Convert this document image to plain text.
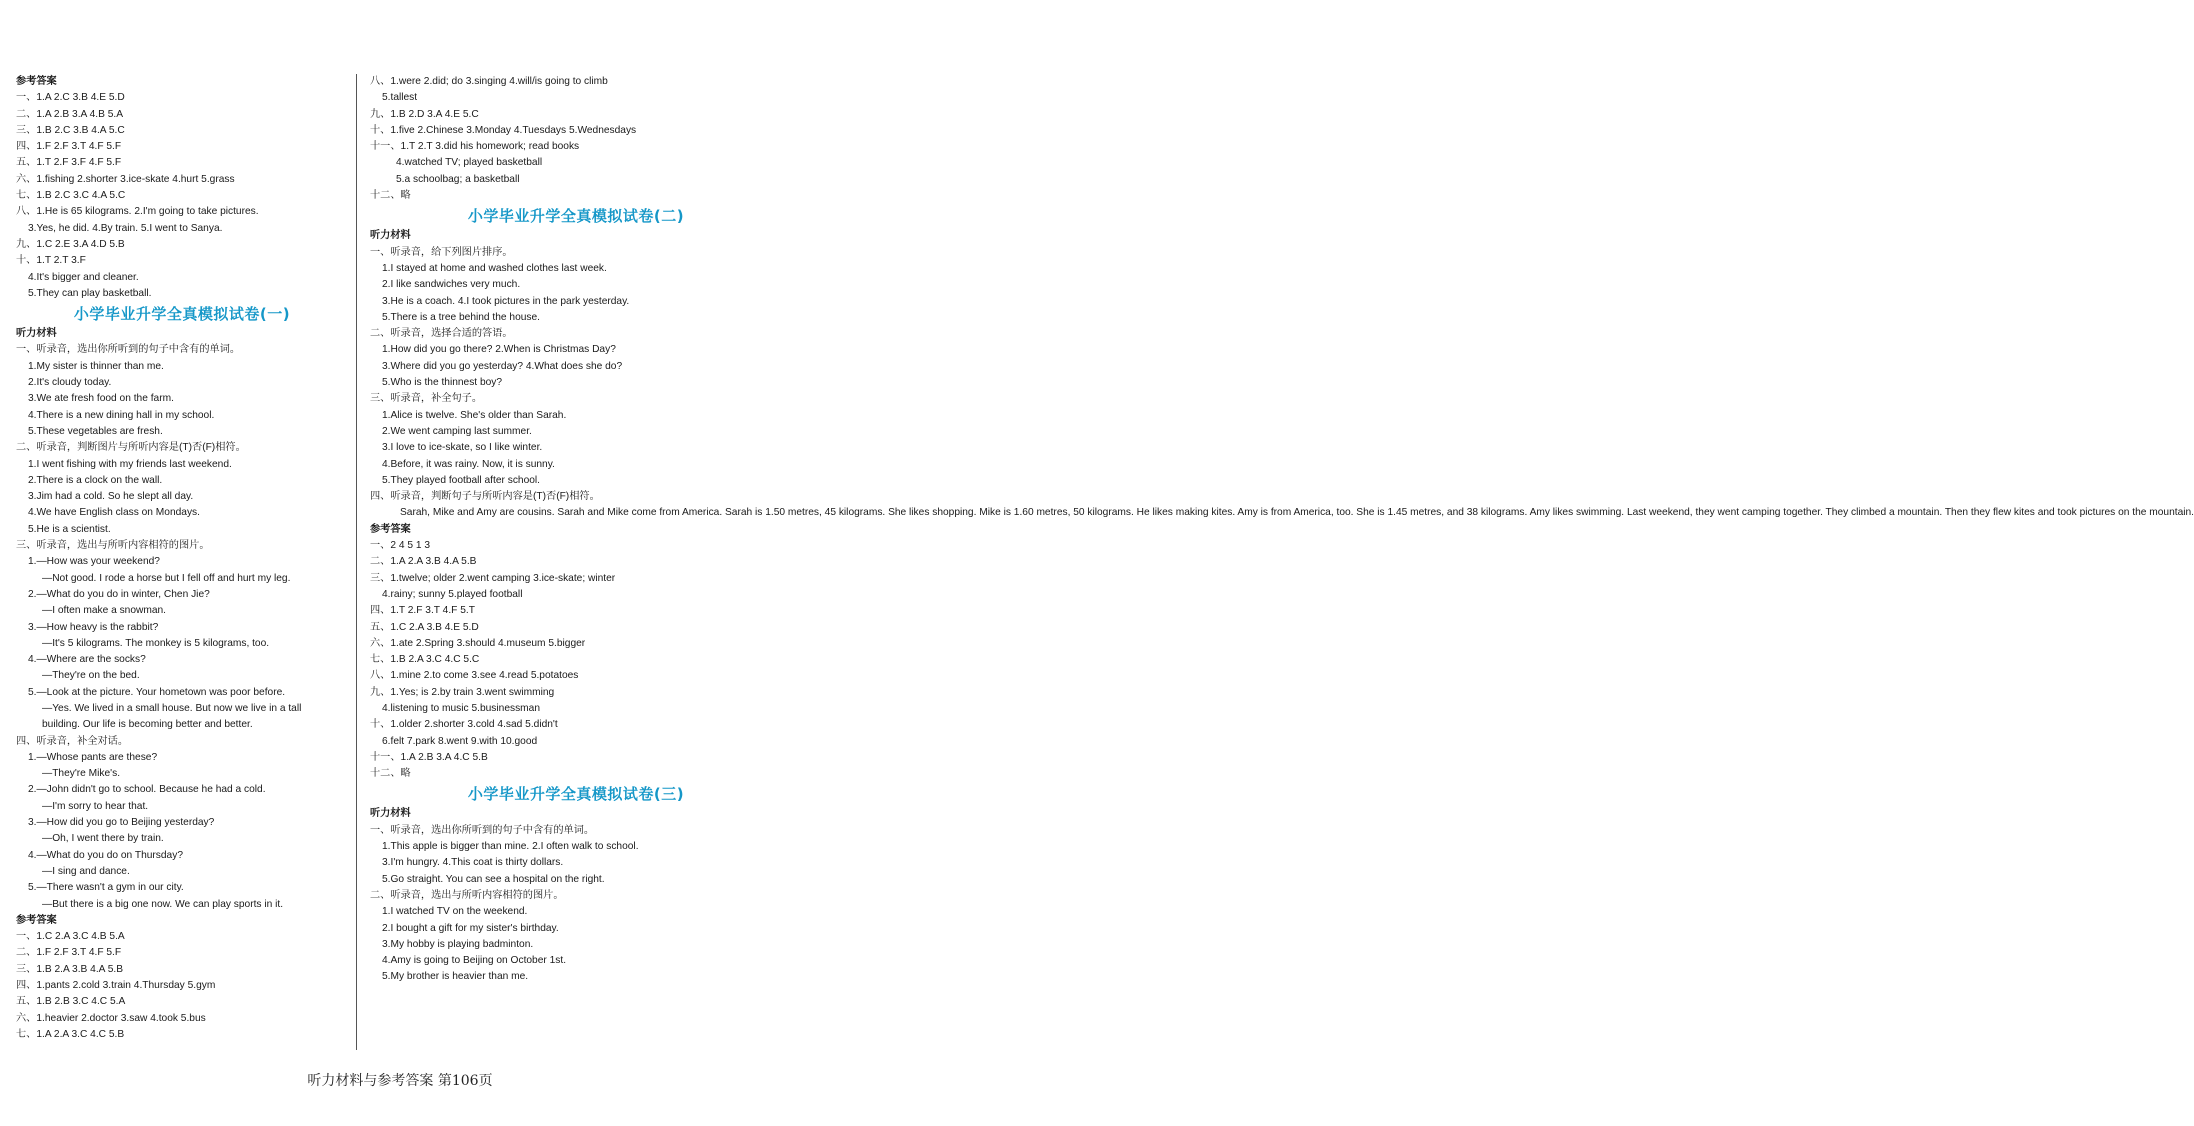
参考答案
一、1.A 2.C 3.B 4.E 5.D
二、1.A 2.B 3.A 4.B 5.A
三、1.B 2.C 3.B 4.A 5.C
四、1.F 2.F 3.T 4.F 5.F
五、1.T 2.F 3.F 4.F 5.F
六、1.fishing 2.shorter 3.ice-skate 4.hurt 5.grass
七、1.B 2.C 3.C 4.A 5.C
八、1.He is 65 kilograms. 2.I'm going to take pictures.
3.Yes, he did. 4.By train. 5.I went to Sanya.
九、1.C 2.E 3.A 4.D 5.B
十、1.T 2.T 3.F
4.It's bigger and cleaner.
5.They can play basketball.
小学毕业升学全真模拟试卷(一)
听力材料
一、听录音，选出你所听到的句子中含有的单词。
1.My sister is thinner than me.
2.It's cloudy today.
3.We ate fresh food on the farm.
4.There is a new dining hall in my school.
5.These vegetables are fresh.
二、听录音，判断图片与所听内容是(T)否(F)相符。
1.I went fishing with my friends last weekend.
2.There is a clock on the wall.
3.Jim had a cold. So he slept all day.
4.We have English class on Mondays.
5.He is a scientist.
三、听录音，选出与所听内容相符的图片。
1.—How was your weekend?
—Not good. I rode a horse but I fell off and hurt my leg.
2.—What do you do in winter, Chen Jie?
—I often make a snowman.
3.—How heavy is the rabbit?
—It's 5 kilograms. The monkey is 5 kilograms, too.
4.—Where are the socks?
—They're on the bed.
5.—Look at the picture. Your hometown was poor before.
—Yes. We lived in a small house. But now we live in a tall
building. Our life is becoming better and better.
四、听录音，补全对话。
1.—Whose pants are these?
—They're Mike's.
2.—John didn't go to school. Because he had a cold.
—I'm sorry to hear that.
3.—How did you go to Beijing yesterday?
—Oh, I went there by train.
4.—What do you do on Thursday?
—I sing and dance.
5.—There wasn't a gym in our city.
—But there is a big one now. We can play sports in it.
参考答案
一、1.C 2.A 3.C 4.B 5.A
二、1.F 2.F 3.T 4.F 5.F
三、1.B 2.A 3.B 4.A 5.B
四、1.pants 2.cold 3.train 4.Thursday 5.gym
五、1.B 2.B 3.C 4.C 5.A
六、1.heavier 2.doctor 3.saw 4.took 5.bus
七、1.A 2.A 3.C 4.C 5.B
八、1.were 2.did; do 3.singing 4.will/is going to climb
5.tallest
九、1.B 2.D 3.A 4.E 5.C
十、1.five 2.Chinese 3.Monday 4.Tuesdays 5.Wednesdays
十一、1.T 2.T 3.did his homework; read books
4.watched TV; played basketball
5.a schoolbag; a basketball
十二、略
小学毕业升学全真模拟试卷(二)
听力材料
一、听录音，给下列图片排序。
1.I stayed at home and washed clothes last week.
2.I like sandwiches very much.
3.He is a coach. 4.I took pictures in the park yesterday.
5.There is a tree behind the house.
二、听录音，选择合适的答语。
1.How did you go there? 2.When is Christmas Day?
3.Where did you go yesterday? 4.What does she do?
5.Who is the thinnest boy?
三、听录音，补全句子。
1.Alice is twelve. She's older than Sarah.
2.We went camping last summer.
3.I love to ice-skate, so I like winter.
4.Before, it was rainy. Now, it is sunny.
5.They played football after school.
四、听录音，判断句子与所听内容是(T)否(F)相符。
Sarah, Mike and Amy are cousins. Sarah and Mike come from America. Sarah is 1.50 metres, 45 kilograms. She likes shopping. Mike is 1.60 metres, 50 kilograms. He likes making kites. Amy is from America, too. She is 1.45 metres, and 38 kilograms. Amy likes swimming. Last weekend, they went camping together. They climbed a mountain. Then they flew kites and took pictures on the mountain.
参考答案
一、2 4 5 1 3
二、1.A 2.A 3.B 4.A 5.B
三、1.twelve; older 2.went camping 3.ice-skate; winter
4.rainy; sunny 5.played football
四、1.T 2.F 3.T 4.F 5.T
五、1.C 2.A 3.B 4.E 5.D
六、1.ate 2.Spring 3.should 4.museum 5.bigger
七、1.B 2.A 3.C 4.C 5.C
八、1.mine 2.to come 3.see 4.read 5.potatoes
九、1.Yes; is 2.by train 3.went swimming
4.listening to music 5.businessman
十、1.older 2.shorter 3.cold 4.sad 5.didn't
6.felt 7.park 8.went 9.with 10.good
十一、1.A 2.B 3.A 4.C 5.B
十二、略
小学毕业升学全真模拟试卷(三)
听力材料
一、听录音，选出你所听到的句子中含有的单词。
1.This apple is bigger than mine. 2.I often walk to school.
3.I'm hungry. 4.This coat is thirty dollars.
5.Go straight. You can see a hospital on the right.
二、听录音，选出与所听内容相符的图片。
1.I watched TV on the weekend.
2.I bought a gift for my sister's birthday.
3.My hobby is playing badminton.
4.Amy is going to Beijing on October 1st.
5.My brother is heavier than me.
听力材料与参考答案 第106页
